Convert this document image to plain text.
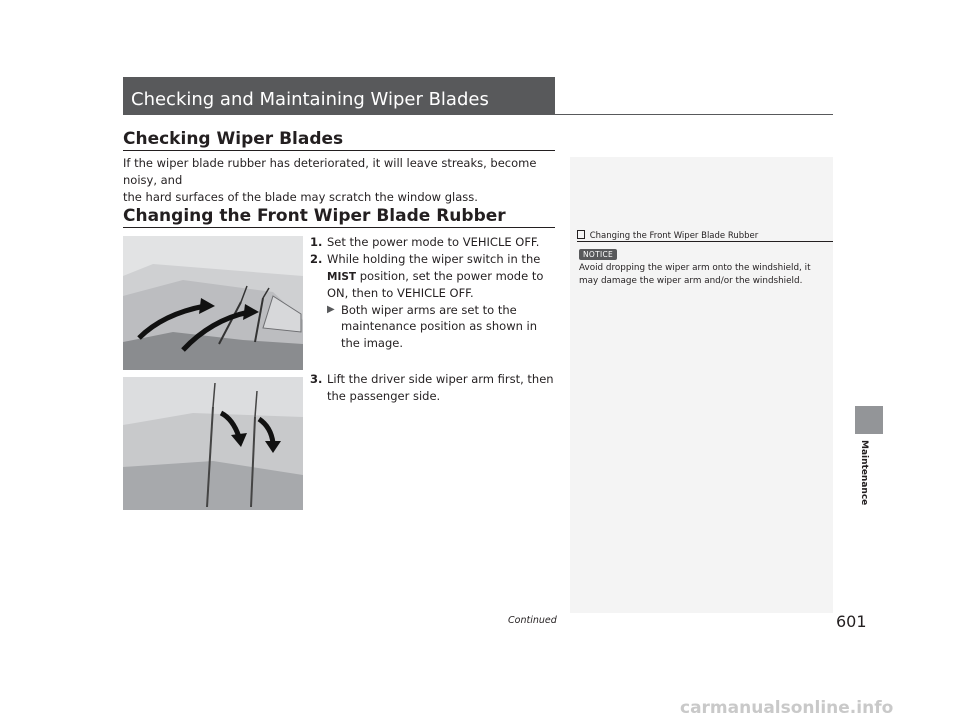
Checking and Maintaining Wiper Blades
Checking Wiper Blades
If the wiper blade rubber has deteriorated, it will leave streaks, become noisy, and
the hard surfaces of the blade may scratch the window glass.
Changing the Front Wiper Blade Rubber
1. Set the power mode to VEHICLE OFF.
2. While holding the wiper switch in the MIST position, set the power mode to ON, then to VEHICLE OFF.
▶ Both wiper arms are set to the maintenance position as shown in the image.
3. Lift the driver side wiper arm first, then the passenger side.
Changing the Front Wiper Blade Rubber
NOTICE
Avoid dropping the wiper arm onto the windshield, it may damage the wiper arm and/or the windshield.
Maintenance
Continued	601
carmanualsonline.info
